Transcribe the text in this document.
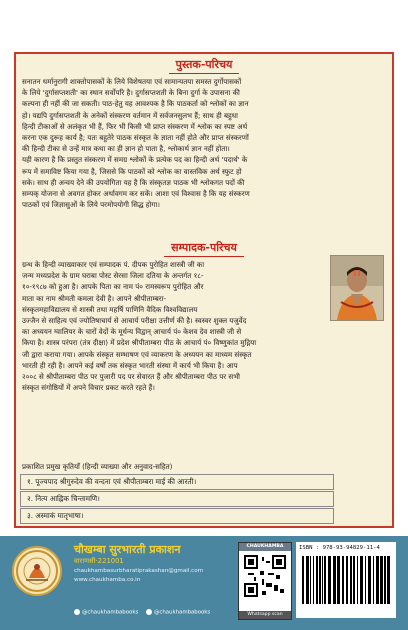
पुस्तक-परिचय
सनातन धर्मानुरागी शाक्तोपासकों के लिये विशेषतया एवं सामान्यतया समस्त दुर्गोपासकों
के लिये 'दुर्गासप्तशती' का स्थान सर्वोपरि है। दुर्गासप्तशती के बिना दुर्गा के उपासना की
कल्पना ही नहीं की जा सकती। पाठ-हेतु यह आवश्यक है कि पाठकर्ता को श्लोकों का ज्ञान
हो। यद्यपि दुर्गासप्तशती के अनेकों संस्करण वर्तमान में सर्वजनसुलभ हैं; साथ ही बहुधा
हिन्दी टीकाओं से अलंकृत भी हैं, फिर भी किसी भी प्राप्त संस्करण में श्लोक का स्पष्ट अर्थ
करना एक दुरूह कार्य है; यतः बहुतेरे पाठक संस्कृत के ज्ञाता नहीं होते और प्राप्त संस्करणों
की हिन्दी टीका से उन्हें मात्र कथा का ही ज्ञान हो पाता है, श्लोकार्थ ज्ञान नहीं होता।
यही कारण है कि प्रस्तुत संस्करण में समग्र श्लोकों के प्रत्येक पद का हिन्दी अर्थ 'पदार्थ' के
रूप में समाविष्ट किया गया है, जिससे कि पाठकों को श्लोक का वास्तविक अर्थ स्फुट हो
सके। साथ ही अन्वय देने की उपयोगिता यह है कि संस्कृतज्ञ पाठक भी श्लोकगत पदों की
सम्यक् योजना से अवगत होकर अर्थावगम कर सकें। आशा एवं विश्वास है कि यह संस्करण
पाठकों एवं जिज्ञासुओं के लिये परमोपयोगी सिद्ध होगा।
सम्पादक-परिचय
ग्रन्थ के हिन्दी व्याख्याकार एवं सम्पादक पं. दीपक पुरोहित शास्त्री जी का
जन्म मध्यप्रदेश के ग्राम घराबा पोस्ट सेरसा जिला दतिया के अन्तर्गत १८-
१०-१९८७ को हुआ है। आपके पिता का नाम पं० रामस्वरूप पुरोहित और
माता का नाम श्रीमती कमला देवी है। आपने श्रीपीताम्बरा-
संस्कृतमहाविद्यालय से शास्त्री तथा महर्षि पाणिनि वैदिक विश्वविद्यालय
उज्जैन से साहित्य एवं ज्योतिषाचार्य से आचार्य परीक्षा उत्तीर्ण की है। स्वस्वर शुक्ल यजुर्वेद
का अध्ययन ग्वालियर के चारों वेदों के मूर्धन्य विद्वान् आचार्य पं० केशव देव शास्त्री जी से
किया है। शास्त्र परंपरा (तंत्र दीक्षा) में प्रदेश श्रीपीताम्बरा पीठ के आचार्य पं० विष्णुकांत मुद्गिया
जी द्वारा कराया गया। आपके संस्कृत सम्भाषण एवं व्याकरण के अध्ययन का माध्यम संस्कृत
भारती ही रही है। आपने कई वर्षों तक संस्कृत भारती संस्था में कार्य भी किया है। आप
२००८ से श्रीपीताम्बरा पीठ पर पुजारी पद पर सेवारत हैं और श्रीपीताम्बरा पीठ पर सभी
संस्कृत संगोष्ठियों में अपने विचार प्रकट करते रहते हैं।
प्रकाशित प्रमुख कृतियाँ (हिन्दी व्याख्या और अनुवाद-सहित)
१. पूज्यपाद श्रीगुरुदेव की वन्दना एवं श्रीपीताम्बरा माई की आरती।
२. नित्य आह्निक चिन्तामणि।
३. अस्माकं मातृभाषा।
चौखम्बा सुरभारती प्रकाशन
वाराणसी-221001
chaukhambasurbharatiprakashan@gmail.com
www.chaukhamba.co.in
@chaukhambabooks	@chaukhambabooks
CHAUKHAMBA
Whatsapp scan
ISBN : 978-93-94829-11-4
